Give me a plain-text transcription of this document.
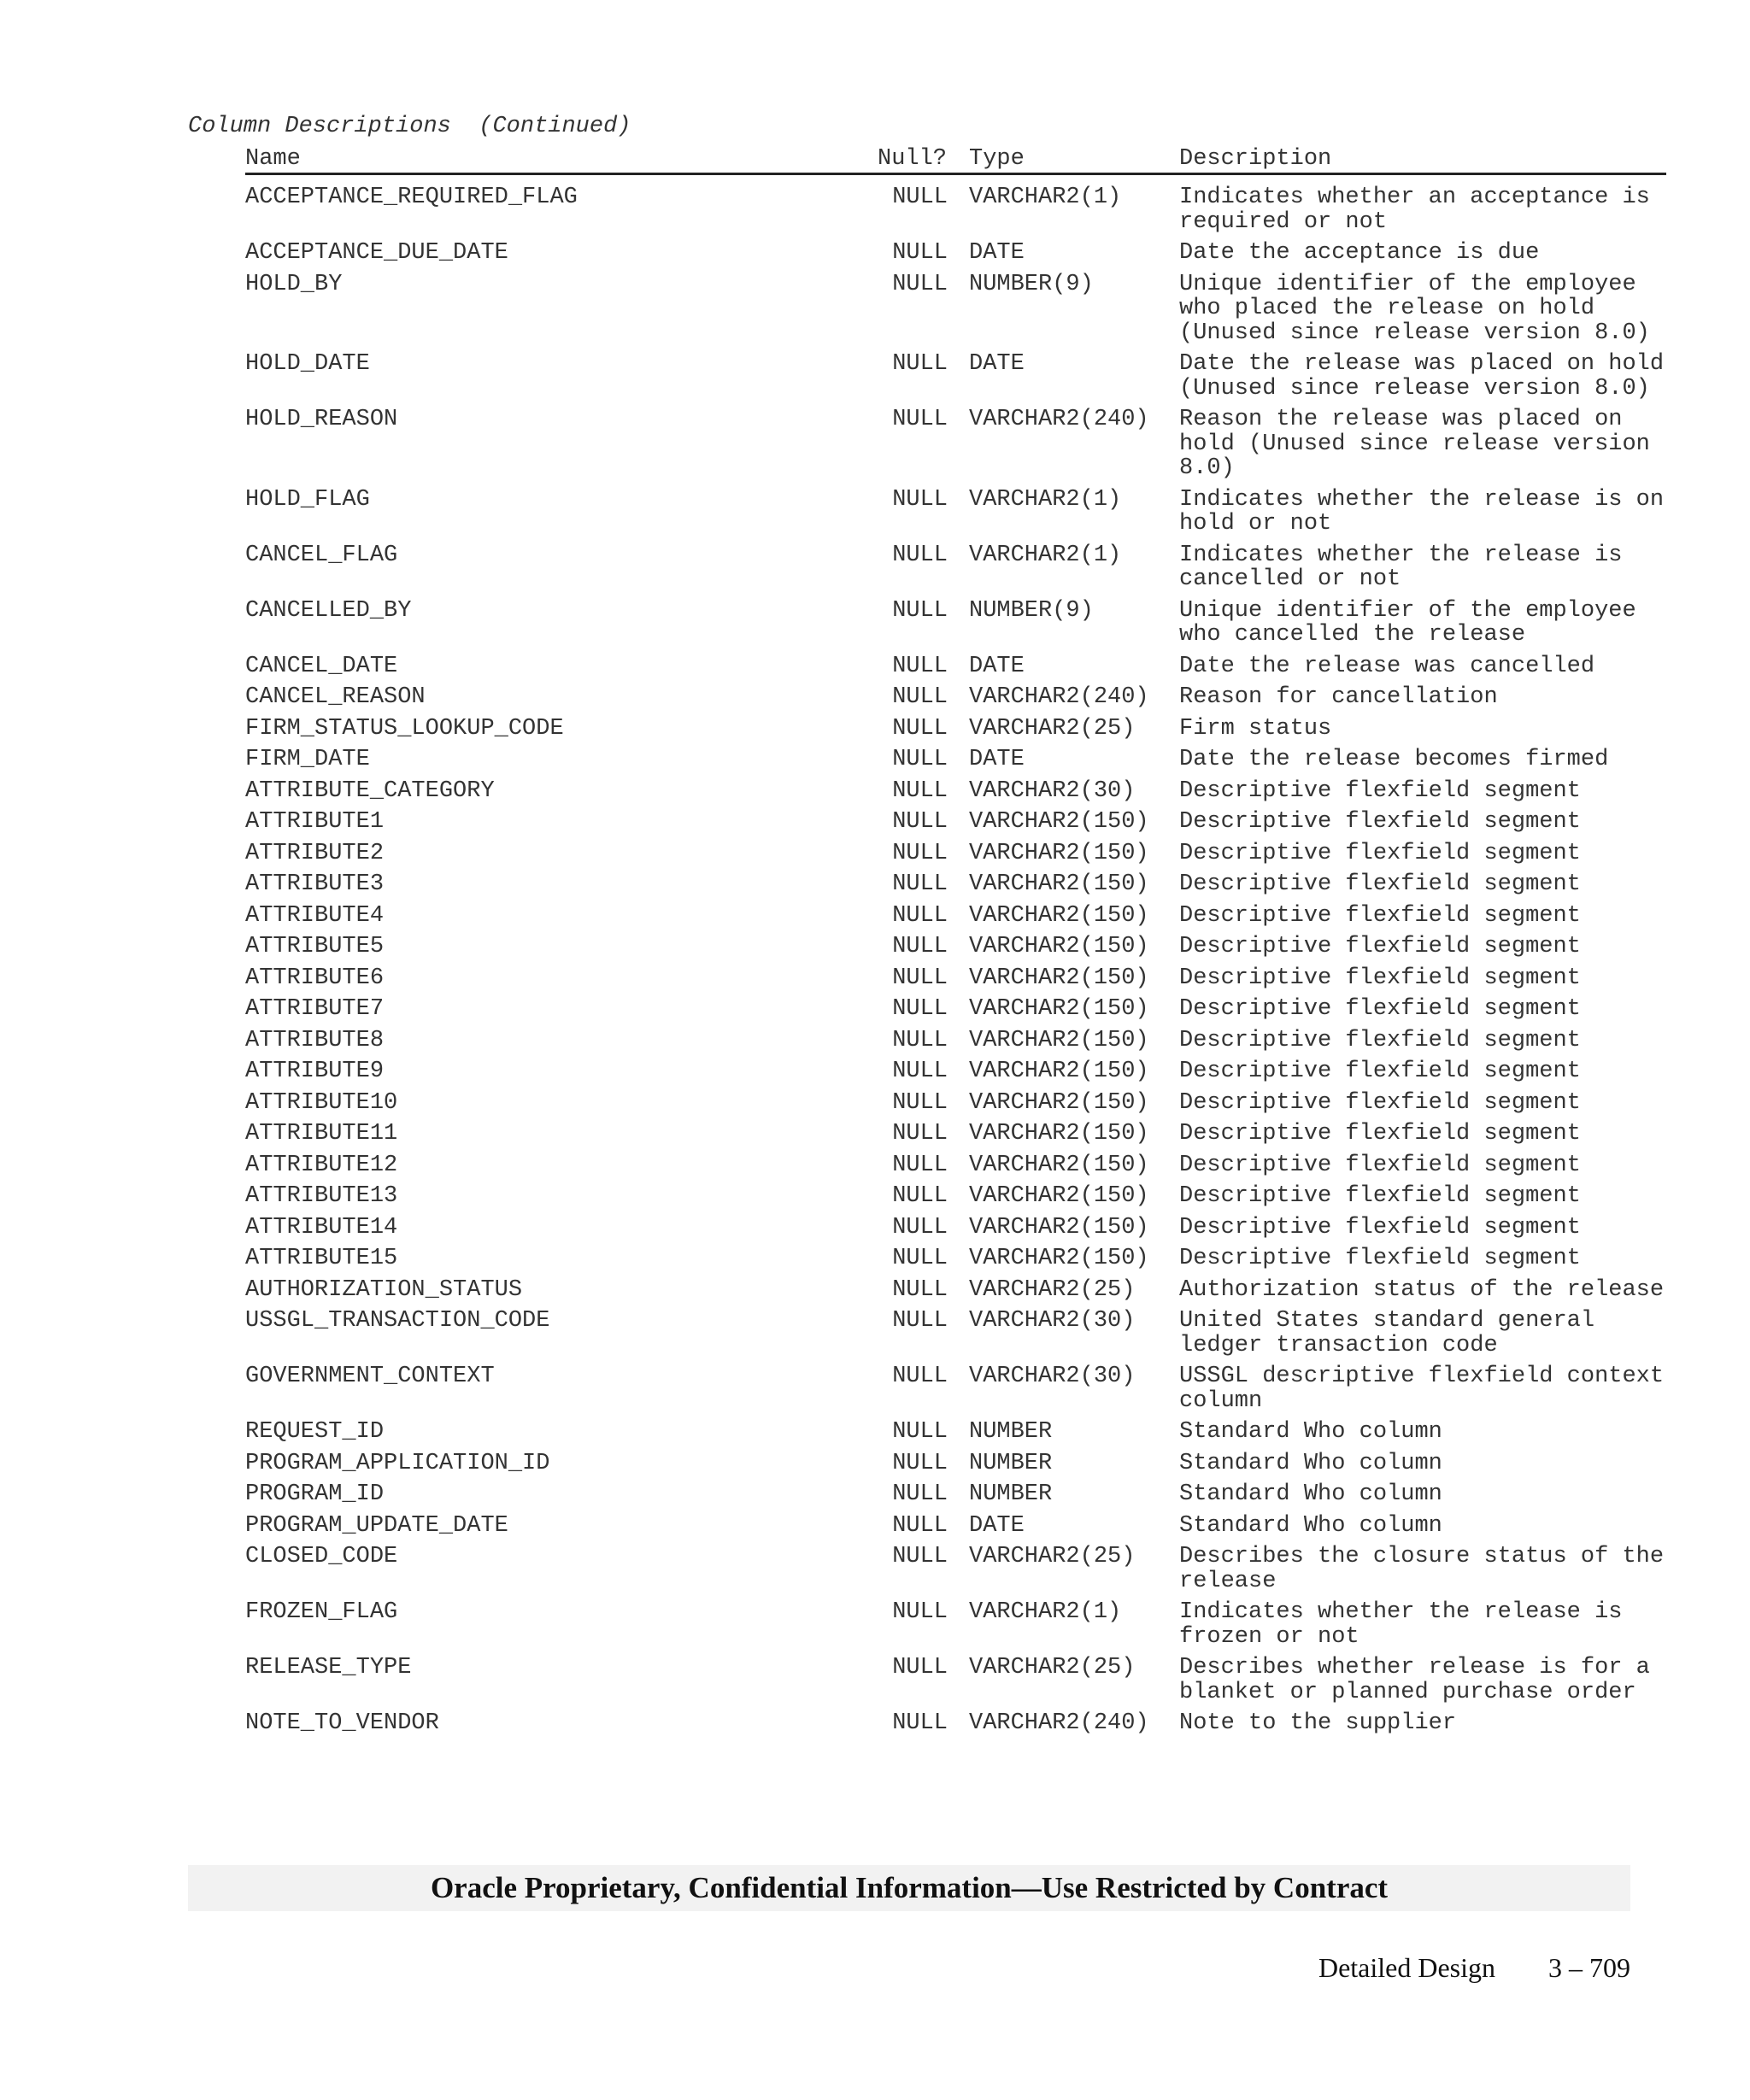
Column Descriptions (Continued)
Name	Null? Type	Description
ACCEPTANCE_REQUIRED_FLAG	NULL VARCHAR2(1)	Indicates whether an acceptance is required or not
ACCEPTANCE_DUE_DATE	NULL DATE	Date the acceptance is due
HOLD_BY	NULL NUMBER(9)	Unique identifier of the employee who placed the release on hold (Unused since release version 8.0)
HOLD_DATE	NULL DATE	Date the release was placed on hold (Unused since release version 8.0)
HOLD_REASON	NULL VARCHAR2(240) Reason the release was placed on hold (Unused since release version 8.0)
HOLD_FLAG	NULL VARCHAR2(1)	Indicates whether the release is on hold or not
CANCEL_FLAG	NULL VARCHAR2(1)	Indicates whether the release is cancelled or not
CANCELLED_BY	NULL NUMBER(9)	Unique identifier of the employee who cancelled the release
CANCEL_DATE	NULL DATE	Date the release was cancelled
CANCEL_REASON	NULL VARCHAR2(240) Reason for cancellation
FIRM_STATUS_LOOKUP_CODE	NULL VARCHAR2(25) Firm status
FIRM_DATE	NULL DATE	Date the release becomes firmed
ATTRIBUTE_CATEGORY	NULL VARCHAR2(30) Descriptive flexfield segment
ATTRIBUTE1	NULL VARCHAR2(150) Descriptive flexfield segment
ATTRIBUTE2	NULL VARCHAR2(150) Descriptive flexfield segment
ATTRIBUTE3	NULL VARCHAR2(150) Descriptive flexfield segment
ATTRIBUTE4	NULL VARCHAR2(150) Descriptive flexfield segment
ATTRIBUTE5	NULL VARCHAR2(150) Descriptive flexfield segment
ATTRIBUTE6	NULL VARCHAR2(150) Descriptive flexfield segment
ATTRIBUTE7	NULL VARCHAR2(150) Descriptive flexfield segment
ATTRIBUTE8	NULL VARCHAR2(150) Descriptive flexfield segment
ATTRIBUTE9	NULL VARCHAR2(150) Descriptive flexfield segment
ATTRIBUTE10	NULL VARCHAR2(150) Descriptive flexfield segment
ATTRIBUTE11	NULL VARCHAR2(150) Descriptive flexfield segment
ATTRIBUTE12	NULL VARCHAR2(150) Descriptive flexfield segment
ATTRIBUTE13	NULL VARCHAR2(150) Descriptive flexfield segment
ATTRIBUTE14	NULL VARCHAR2(150) Descriptive flexfield segment
ATTRIBUTE15	NULL VARCHAR2(150) Descriptive flexfield segment
AUTHORIZATION_STATUS	NULL VARCHAR2(25) Authorization status of the release
USSGL_TRANSACTION_CODE	NULL VARCHAR2(30) United States standard general ledger transaction code
GOVERNMENT_CONTEXT	NULL VARCHAR2(30) USSGL descriptive flexfield context column
REQUEST_ID	NULL NUMBER	Standard Who column
PROGRAM_APPLICATION_ID	NULL NUMBER	Standard Who column
PROGRAM_ID	NULL NUMBER	Standard Who column
PROGRAM_UPDATE_DATE	NULL DATE	Standard Who column
CLOSED_CODE	NULL VARCHAR2(25) Describes the closure status of the release
FROZEN_FLAG	NULL VARCHAR2(1)	Indicates whether the release is frozen or not
RELEASE_TYPE	NULL VARCHAR2(25) Describes whether release is for a blanket or planned purchase order
NOTE_TO_VENDOR	NULL VARCHAR2(240) Note to the supplier
Oracle Proprietary, Confidential Information––Use Restricted by Contract
Detailed Design 3 – 709
